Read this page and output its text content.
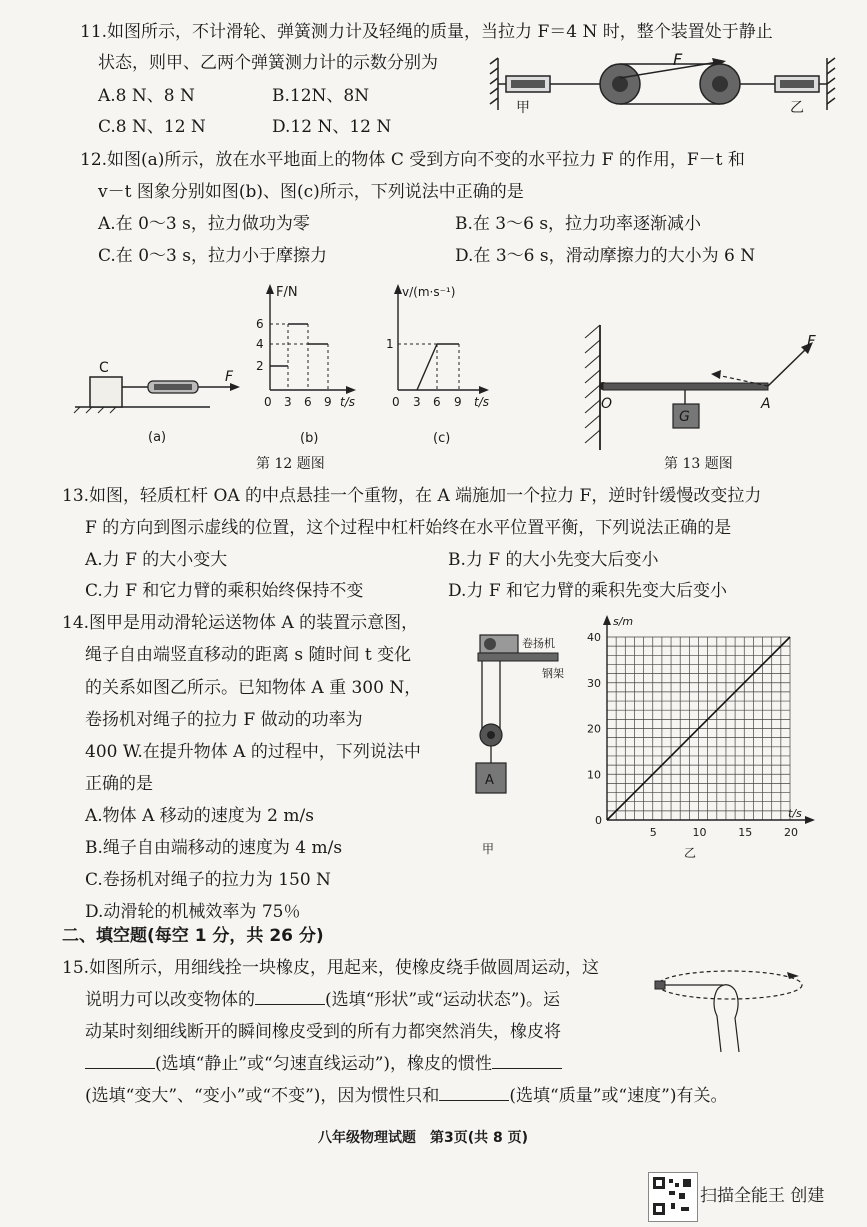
11.如图所示，不计滑轮、弹簧测力计及轻绳的质量，当拉力 F＝4 N 时，整个装置处于静止
状态，则甲、乙两个弹簧测力计的示数分别为
A.8 N、8 N	B.12N、8N
C.8 N、12 N	D.12 N、12 N
甲	乙
F
12.如图(a)所示，放在水平地面上的物体 C 受到方向不变的水平拉力 F 的作用，F－t 和
v－t 图象分别如图(b)、图(c)所示，下列说法中正确的是
A.在 0～3 s，拉力做功为零	B.在 3～6 s，拉力功率逐渐减小
C.在 0～3 s，拉力小于摩擦力	D.在 3～6 s，滑动摩擦力的大小为 6 N
C
F
(a)
F/N
t/s
6
4
2
0 3 6 9
(b)
v/(m·s⁻¹)
t/s
1
0 3 6 9
(c)
第 12 题图
G
O	A
F
第 13 题图
13.如图，轻质杠杆 OA 的中点悬挂一个重物，在 A 端施加一个拉力 F，逆时针缓慢改变拉力
F 的方向到图示虚线的位置，这个过程中杠杆始终在水平位置平衡，下列说法正确的是
A.力 F 的大小变大	B.力 F 的大小先变大后变小
C.力 F 和它力臂的乘积始终保持不变	D.力 F 和它力臂的乘积先变大后变小
14.图甲是用动滑轮运送物体 A 的装置示意图，
绳子自由端竖直移动的距离 s 随时间 t 变化
的关系如图乙所示。已知物体 A 重 300 N，
卷扬机对绳子的拉力 F 做动的功率为
400 W.在提升物体 A 的过程中，下列说法中
正确的是
A.物体 A 移动的速度为 2 m/s
B.绳子自由端移动的速度为 4 m/s
C.卷扬机对绳子的拉力为 150 N
D.动滑轮的机械效率为 75％
卷扬机
钢架
A
甲
s/m
t/s
0
10
20
30
40
5	10	15	20
乙
二、填空题(每空 1 分，共 26 分)
15.如图所示，用细线拴一块橡皮，甩起来，使橡皮绕手做圆周运动，这
说明力可以改变物体的	(选填“形状”或“运动状态”)。运
动某时刻细线断开的瞬间橡皮受到的所有力都突然消失，橡皮将
(选填“静止”或“匀速直线运动”)，橡皮的惯性
(选填“变大”、“变小”或“不变”)，因为惯性只和	(选填“质量”或“速度”)有关。
八年级物理试题　第3页(共 8 页)
扫描全能王 创建
